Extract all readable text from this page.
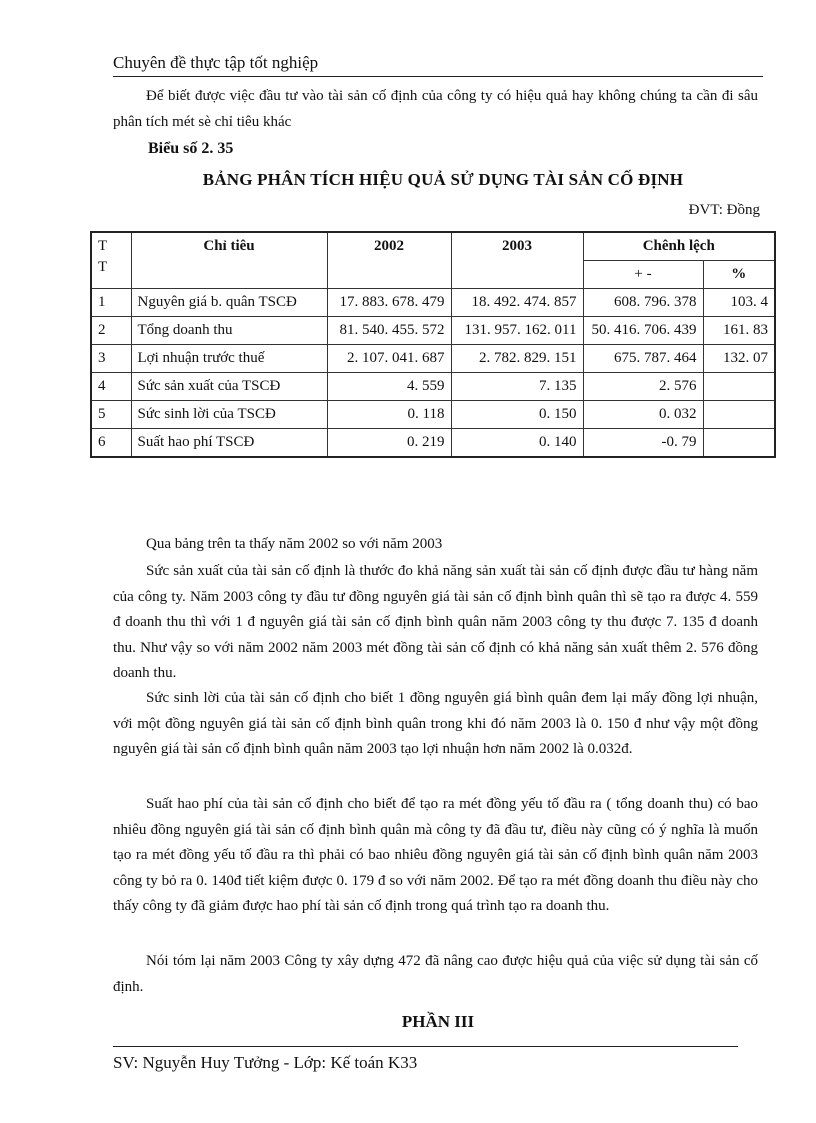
Chuyên đề thực tập tốt nghiệp

Để biết được việc đầu tư vào tài sản cố định của công ty có hiệu quả hay không chúng ta cần đi sâu phân tích mét sè chỉ tiêu khác

Biểu số 2. 35
BẢNG PHÂN TÍCH HIỆU QUẢ SỬ DỤNG TÀI SẢN CỐ ĐỊNH
ĐVT: Đồng
T T	Chỉ tiêu	2002	2003	Chênh lệch	
				+ -	%
1	Nguyên giá b. quân TSCĐ	17. 883. 678. 479	18. 492. 474. 857	608. 796. 378	103. 4
2	Tổng doanh thu	81. 540. 455. 572	131. 957. 162. 011	50. 416. 706. 439	161. 83
3	Lợi nhuận trước thuế	2. 107. 041. 687	2. 782. 829. 151	675. 787. 464	132. 07
4	Sức sản xuất của TSCĐ	4. 559	7. 135	2. 576	
5	Sức sinh lời của TSCĐ	0. 118	0. 150	0. 032	
6	Suất hao phí TSCĐ	0. 219	0. 140	-0. 79	

Qua bảng trên ta thấy năm 2002 so với năm 2003

Sức sản xuất của tài sản cố định là thước đo khả năng sản xuất tài sản cố định được đầu tư hàng năm của công ty. Năm 2003 công ty đầu tư đồng nguyên giá tài sản cố định bình quân thì sẽ tạo ra được 4. 559 đ doanh thu thì với 1 đ nguyên giá tài sản cố định bình quân năm 2003 công ty thu được 7. 135 đ doanh thu. Như vậy so với năm 2002 năm 2003 mét đồng tài sản cố định có khả năng sản xuất thêm 2. 576 đồng doanh thu.

Sức sinh lời của tài sản cố định cho biết 1 đồng nguyên giá bình quân đem lại mấy đồng lợi nhuận, với một đồng nguyên giá tài sản cố định bình quân trong khi đó năm 2003 là 0. 150 đ như vậy một đồng nguyên giá tài sản cố định bình quân năm 2003 tạo lợi nhuận hơn năm 2002 là 0.032đ.

Suất hao phí của tài sản cố định cho biết để tạo ra mét đồng yếu tố đầu ra ( tổng doanh thu) có bao nhiêu đồng nguyên giá tài sản cố định bình quân mà công ty đã đầu tư, điều này cũng có ý nghĩa là muốn tạo ra mét đồng yếu tố đầu ra thì phải có bao nhiêu đồng nguyên giá tài sản cố định bình quân năm 2003 công ty bỏ ra 0. 140đ tiết kiệm được 0. 179 đ so với năm 2002. Để tạo ra mét đồng doanh thu điều này cho thấy công ty đã giảm được hao phí tài sản cố định trong quá trình tạo ra doanh thu.

Nói tóm lại năm 2003 Công ty xây dựng 472 đã nâng cao được hiệu quả của việc sử dụng tài sản cố định.

PHẦN III
SV: Nguyễn Huy Tưởng - Lớp: Kế toán K33
